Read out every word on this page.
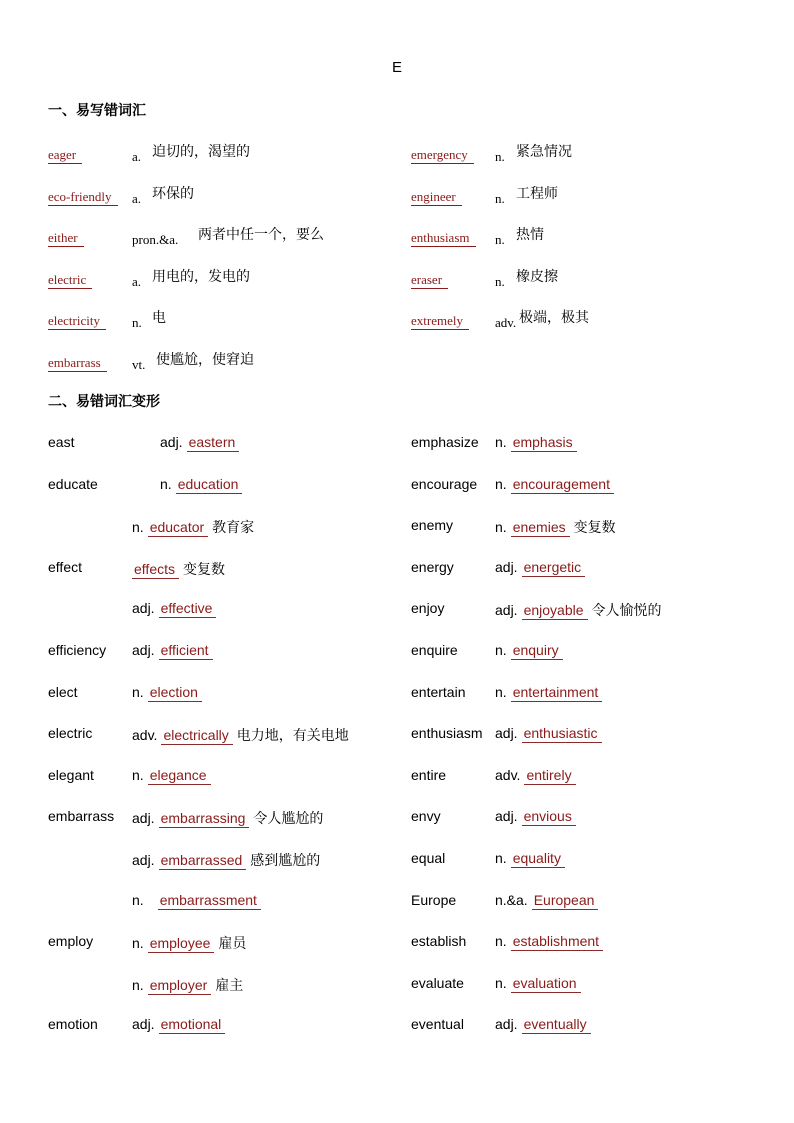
E
一、易写错词汇
eager	a. 迫切的，渴望的
eco-friendly	a. 环保的
either	pron.&a. 两者中任一个，要么
electric	a. 用电的，发电的
electricity	n. 电
embarrass	vt. 使尴尬，使窘迫
emergency	n. 紧急情况
engineer	n. 工程师
enthusiasm	n. 热情
eraser	n. 橡皮擦
extremely	adv. 极端，极其
二、易错词汇变形
east	adj. eastern
educate	n. education
n. educator 教育家
effect	effects 变复数
adj. effective
efficiency adj. efficient
elect	n. election
electric	adv. electrically 电力地，有关电地
elegant	n. elegance
embarrass adj. embarrassing 令人尴尬的
adj. embarrassed 感到尴尬的
n. embarrassment
employ	n. employee 雇员
n. employer 雇主
emotion adj. emotional
emphasize n. emphasis
encourage n. encouragement
enemy	n. enemies 变复数
energy	adj. energetic
enjoy	adj. enjoyable 令人愉悦的
enquire	n. enquiry
entertain n. entertainment
enthusiasm adj. enthusiastic
entire	adv. entirely
envy	adj. envious
equal	n. equality
Europe	n.&a. European
establish n. establishment
evaluate n. evaluation
eventual adj. eventually
